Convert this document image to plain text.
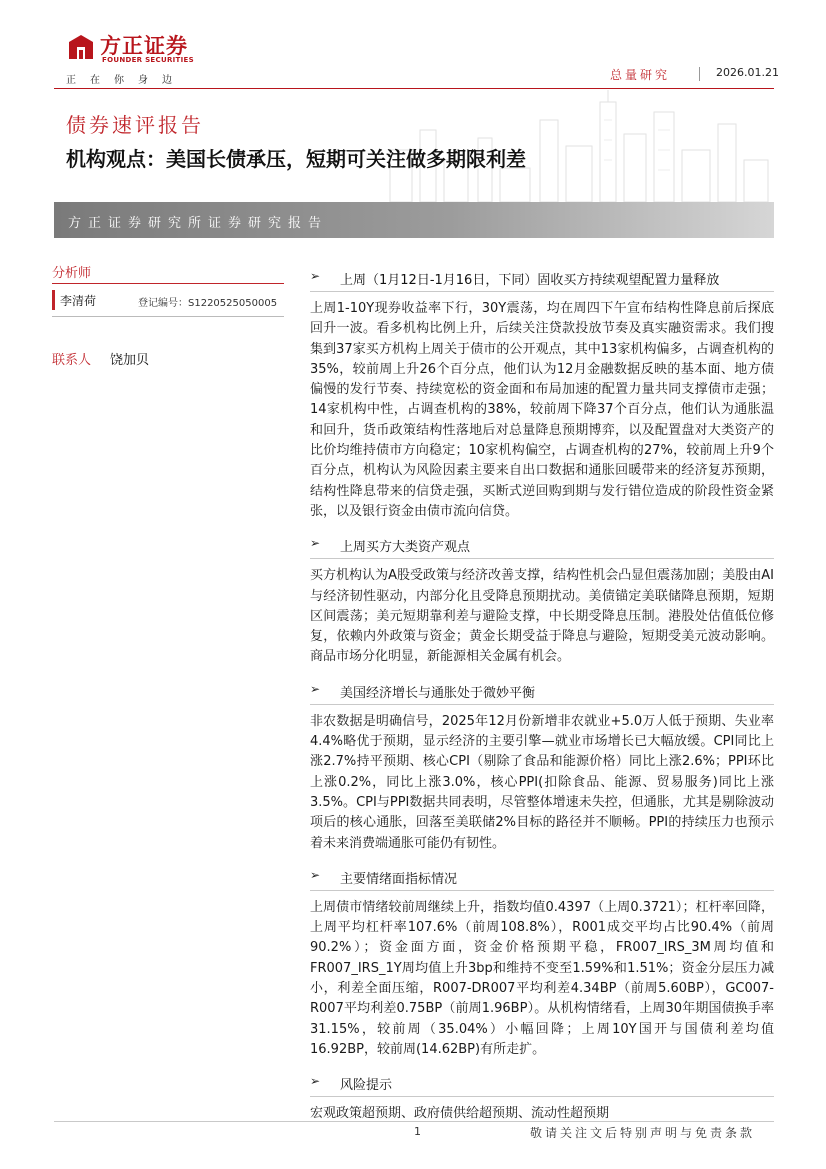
方正证券
FOUNDER SECURITIES
正在你身边	总量研究	2026.01.21
债券速评报告
机构观点：美国长债承压，短期可关注做多期限利差
方正证券研究所证券研究报告
分析师
李清荷	登记编号：S1220525050005
联系人 饶加贝
➢ 上周（1月12日-1月16日，下同）固收买方持续观望配置力量释放

上周1-10Y现券收益率下行，30Y震荡，均在周四下午宣布结构性降息前后探底回升一波。看多机构比例上升，后续关注贷款投放节奏及真实融资需求。我们搜集到37家买方机构上周关于债市的公开观点，其中13家机构偏多，占调查机构的35%，较前周上升26个百分点，他们认为12月金融数据反映的基本面、地方债偏慢的发行节奏、持续宽松的资金面和布局加速的配置力量共同支撑债市走强；14家机构中性，占调查机构的38%，较前周下降37个百分点，他们认为通胀温和回升，货币政策结构性落地后对总量降息预期博弈，以及配置盘对大类资产的比价均维持债市方向稳定；10家机构偏空，占调查机构的27%，较前周上升9个百分点，机构认为风险因素主要来自出口数据和通胀回暖带来的经济复苏预期，结构性降息带来的信贷走强，买断式逆回购到期与发行错位造成的阶段性资金紧张，以及银行资金由债市流向信贷。

➢ 上周买方大类资产观点

买方机构认为A股受政策与经济改善支撑，结构性机会凸显但震荡加剧；美股由AI与经济韧性驱动，内部分化且受降息预期扰动。美债锚定美联储降息预期，短期区间震荡；美元短期靠利差与避险支撑，中长期受降息压制。港股处估值低位修复，依赖内外政策与资金；黄金长期受益于降息与避险，短期受美元波动影响。商品市场分化明显，新能源相关金属有机会。

➢ 美国经济增长与通胀处于微妙平衡

非农数据是明确信号，2025年12月份新增非农就业+5.0万人低于预期、失业率4.4%略优于预期，显示经济的主要引擎—就业市场增长已大幅放缓。CPI同比上涨2.7%持平预期、核心CPI（剔除了食品和能源价格）同比上涨2.6%；PPI环比上涨0.2%，同比上涨3.0%，核心PPI(扣除食品、能源、贸易服务)同比上涨3.5%。CPI与PPI数据共同表明，尽管整体增速未失控，但通胀，尤其是剔除波动项后的核心通胀，回落至美联储2%目标的路径并不顺畅。PPI的持续压力也预示着未来消费端通胀可能仍有韧性。

➢ 主要情绪面指标情况

上周债市情绪较前周继续上升，指数均值0.4397（上周0.3721）；杠杆率回降，上周平均杠杆率107.6%（前周108.8%），R001成交平均占比90.4%（前周90.2%）；资金面方面，资金价格预期平稳，FR007_IRS_3M周均值和FR007_IRS_1Y周均值上升3bp和维持不变至1.59%和1.51%；资金分层压力减小，利差全面压缩，R007-DR007平均利差4.34BP（前周5.60BP），GC007-R007平均利差0.75BP（前周1.96BP）。从机构情绪看，上周30年期国债换手率31.15%，较前周（35.04%）小幅回降；上周10Y国开与国债利差均值16.92BP，较前周(14.62BP)有所走扩。

➢ 风险提示

宏观政策超预期、政府债供给超预期、流动性超预期

1	敬请关注文后特别声明与免责条款
